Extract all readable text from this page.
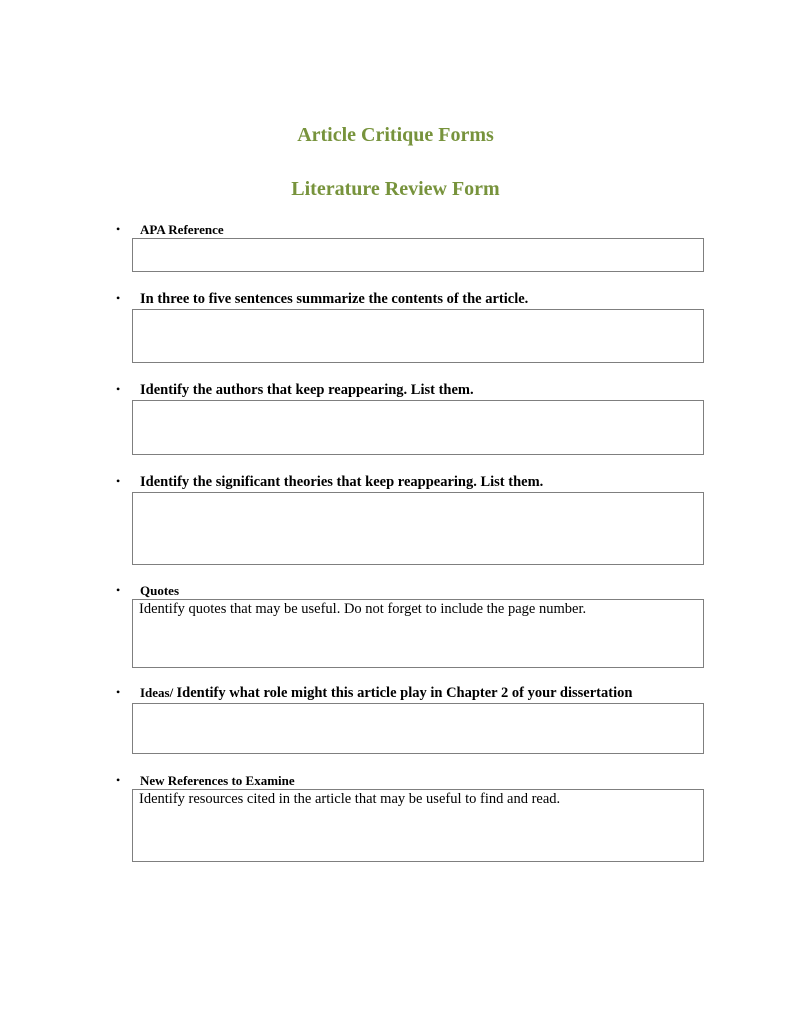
Article Critique Forms
Literature Review Form
• APA Reference
• In three to five sentences summarize the contents of the article.
• Identify the authors that keep reappearing. List them.
• Identify the significant theories that keep reappearing. List them.
• Quotes
Identify quotes that may be useful. Do not forget to include the page number.
• Ideas/ Identify what role might this article play in Chapter 2 of your dissertation
• New References to Examine
Identify resources cited in the article that may be useful to find and read.
